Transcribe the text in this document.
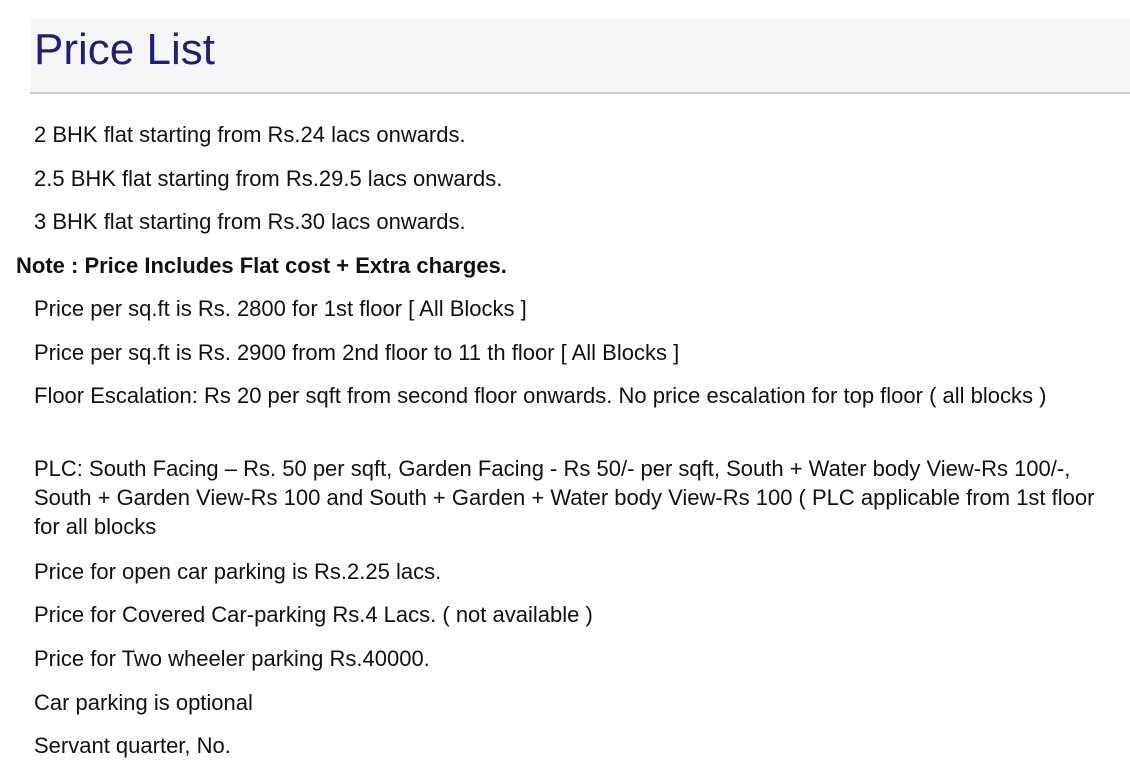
Price List
2 BHK flat starting from Rs.24 lacs onwards.
2.5 BHK flat starting from Rs.29.5 lacs onwards.
3 BHK flat starting from Rs.30 lacs onwards.
Note : Price Includes Flat cost + Extra charges.
Price per sq.ft is Rs. 2800 for 1st floor [ All Blocks ]
Price per sq.ft is Rs. 2900 from 2nd floor to 11 th floor [ All Blocks ]
Floor Escalation: Rs 20 per sqft from second floor onwards. No price escalation for top floor ( all blocks )
PLC: South Facing – Rs. 50 per sqft, Garden Facing - Rs 50/- per sqft, South + Water body View-Rs 100/-, South + Garden View-Rs 100 and South + Garden + Water body View-Rs 100 ( PLC applicable from 1st floor for all blocks
Price for open car parking is Rs.2.25 lacs.
Price for Covered Car-parking Rs.4 Lacs. ( not available )
Price for Two wheeler parking Rs.40000.
Car parking is optional
Servant quarter, No.
